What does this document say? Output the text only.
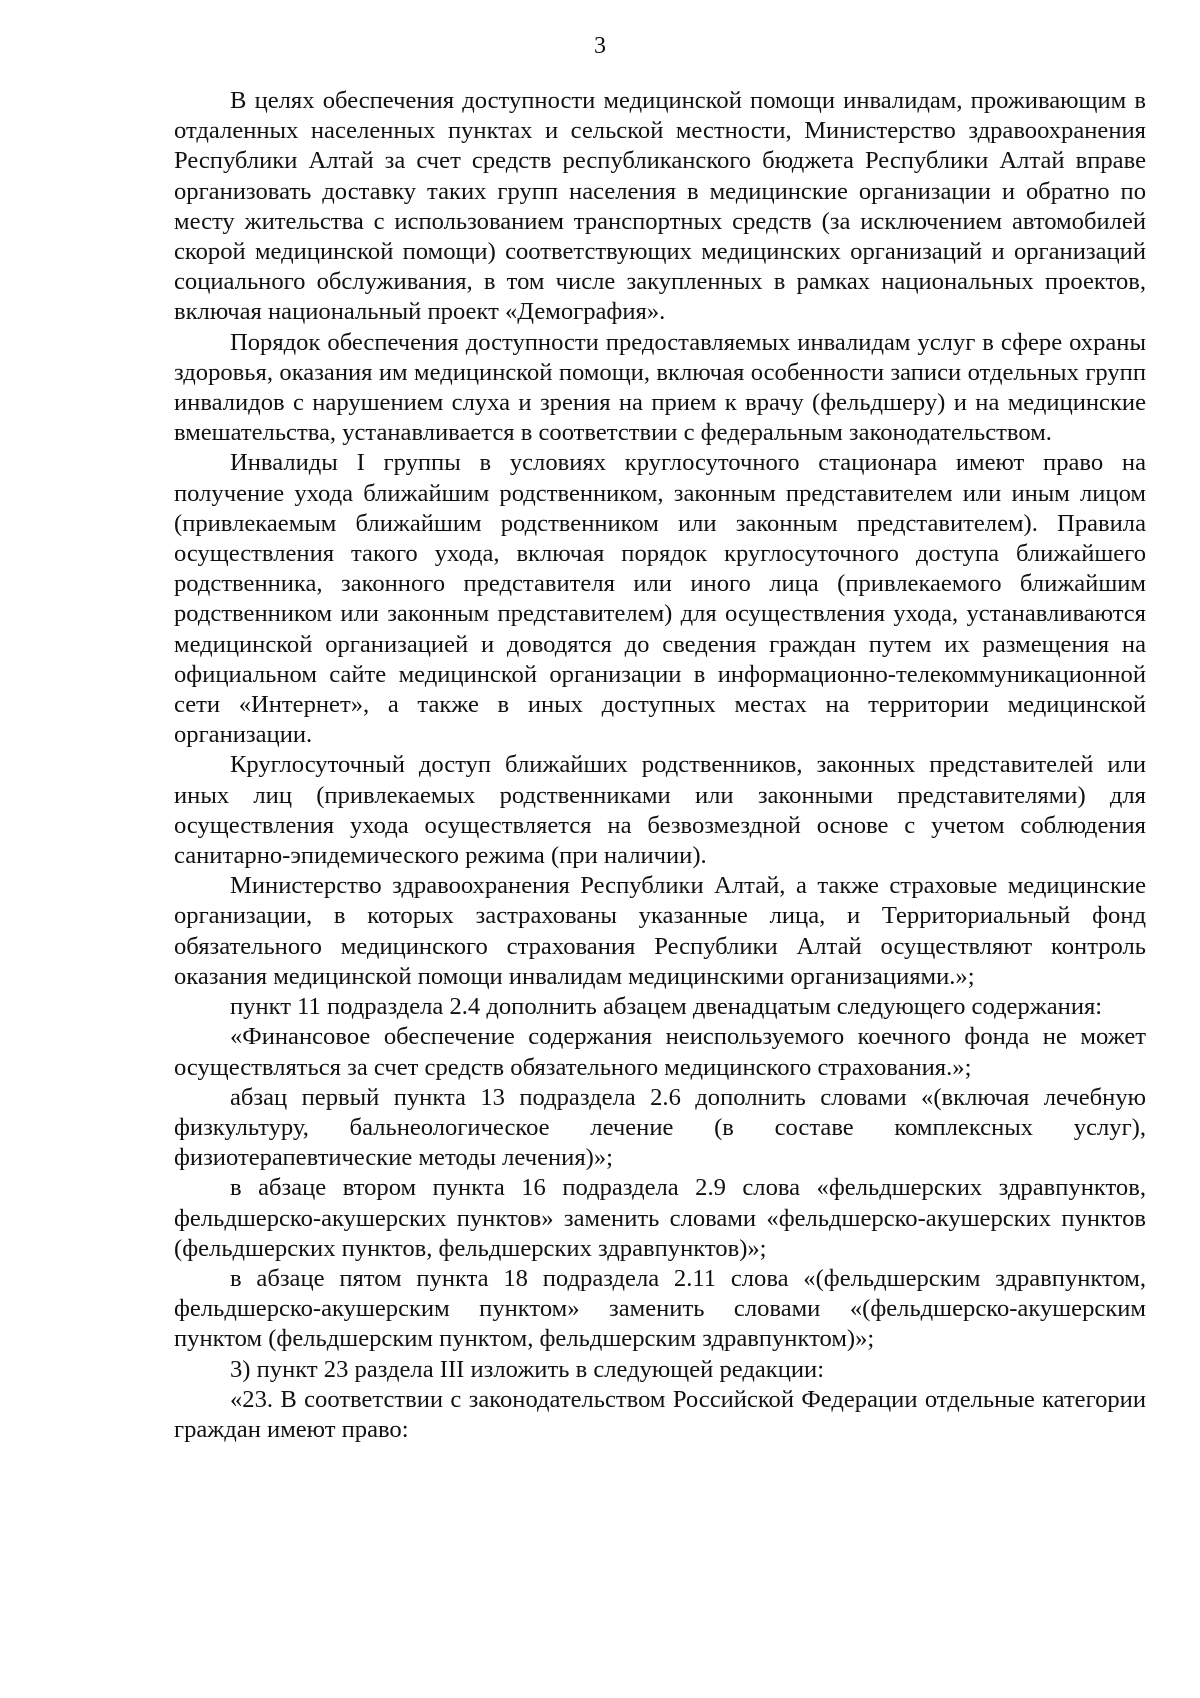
3

В целях обеспечения доступности медицинской помощи инвалидам, проживающим в отдаленных населенных пунктах и сельской местности, Министерство здравоохранения Республики Алтай за счет средств республиканского бюджета Республики Алтай вправе организовать доставку таких групп населения в медицинские организации и обратно по месту жительства с использованием транспортных средств (за исключением автомобилей скорой медицинской помощи) соответствующих медицинских организаций и организаций социального обслуживания, в том числе закупленных в рамках национальных проектов, включая национальный проект «Демография».

Порядок обеспечения доступности предоставляемых инвалидам услуг в сфере охраны здоровья, оказания им медицинской помощи, включая особенности записи отдельных групп инвалидов с нарушением слуха и зрения на прием к врачу (фельдшеру) и на медицинские вмешательства, устанавливается в соответствии с федеральным законодательством.

Инвалиды I группы в условиях круглосуточного стационара имеют право на получение ухода ближайшим родственником, законным представителем или иным лицом (привлекаемым ближайшим родственником или законным представителем). Правила осуществления такого ухода, включая порядок круглосуточного доступа ближайшего родственника, законного представителя или иного лица (привлекаемого ближайшим родственником или законным представителем) для осуществления ухода, устанавливаются медицинской организацией и доводятся до сведения граждан путем их размещения на официальном сайте медицинской организации в информационно-телекоммуникационной сети «Интернет», а также в иных доступных местах на территории медицинской организации.

Круглосуточный доступ ближайших родственников, законных представителей или иных лиц (привлекаемых родственниками или законными представителями) для осуществления ухода осуществляется на безвозмездной основе с учетом соблюдения санитарно-эпидемического режима (при наличии).

Министерство здравоохранения Республики Алтай, а также страховые медицинские организации, в которых застрахованы указанные лица, и Территориальный фонд обязательного медицинского страхования Республики Алтай осуществляют контроль оказания медицинской помощи инвалидам медицинскими организациями.»;

пункт 11 подраздела 2.4 дополнить абзацем двенадцатым следующего содержания:

«Финансовое обеспечение содержания неиспользуемого коечного фонда не может осуществляться за счет средств обязательного медицинского страхования.»;

абзац первый пункта 13 подраздела 2.6 дополнить словами «(включая лечебную физкультуру, бальнеологическое лечение (в составе комплексных услуг), физиотерапевтические методы лечения)»;

в абзаце втором пункта 16 подраздела 2.9 слова «фельдшерских здравпунктов, фельдшерско-акушерских пунктов» заменить словами «фельдшерско-акушерских пунктов (фельдшерских пунктов, фельдшерских здравпунктов)»;

в абзаце пятом пункта 18 подраздела 2.11 слова «(фельдшерским здравпунктом, фельдшерско-акушерским пунктом» заменить словами «(фельдшерско-акушерским пунктом (фельдшерским пунктом, фельдшерским здравпунктом)»;

3) пункт 23 раздела III изложить в следующей редакции:

«23. В соответствии с законодательством Российской Федерации отдельные категории граждан имеют право:
